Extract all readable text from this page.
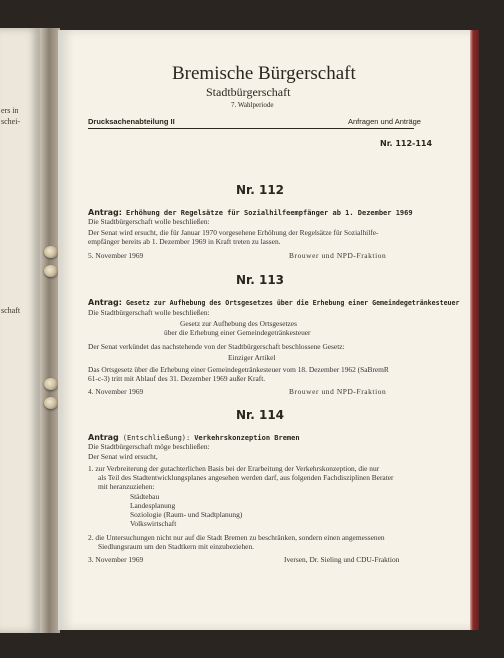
ers in
schei-
schaft
Bremische Bürgerschaft
Stadtbürgerschaft
7. Wahlperiode
Drucksachenabteilung II	Anfragen und Anträge
Nr. 112-114
Nr. 112
Antrag: Erhöhung der Regelsätze für Sozialhilfeempfänger ab 1. Dezember 1969
Die Stadtbürgerschaft wolle beschließen:
Der Senat wird ersucht, die für Januar 1970 vorgesehene Erhöhung der Regelsätze für Sozialhilfe-
empfänger bereits ab 1. Dezember 1969 in Kraft treten zu lassen.
5. November 1969	Brouwer und NPD-Fraktion
Nr. 113
Antrag: Gesetz zur Aufhebung des Ortsgesetzes über die Erhebung einer Gemeindegetränkesteuer
Die Stadtbürgerschaft wolle beschließen:
Gesetz zur Aufhebung des Ortsgesetzes
über die Erhebung einer Gemeindegetränkesteuer
Der Senat verkündet das nachstehende von der Stadtbürgerschaft beschlossene Gesetz:
Einziger Artikel
Das Ortsgesetz über die Erhebung einer Gemeindegetränkesteuer vom 18. Dezember 1962 (SaBremR
61-c-3) tritt mit Ablauf des 31. Dezember 1969 außer Kraft.
4. November 1969	Brouwer und NPD-Fraktion
Nr. 114
Antrag (Entschließung): Verkehrskonzeption Bremen
Die Stadtbürgerschaft möge beschließen:
Der Senat wird ersucht,
1. zur Verbreiterung der gutachterlichen Basis bei der Erarbeitung der Verkehrskonzeption, die nur
als Teil des Stadtentwicklungsplanes angesehen werden darf, aus folgenden Fachdisziplinen Berater
mit heranzuziehen:
Städtebau
Landesplanung
Soziologie (Raum- und Stadtplanung)
Volkswirtschaft
2. die Untersuchungen nicht nur auf die Stadt Bremen zu beschränken, sondern einen angemessenen
Siedlungsraum um den Stadtkern mit einzubeziehen.
3. November 1969	Iversen, Dr. Sieling und CDU-Fraktion
